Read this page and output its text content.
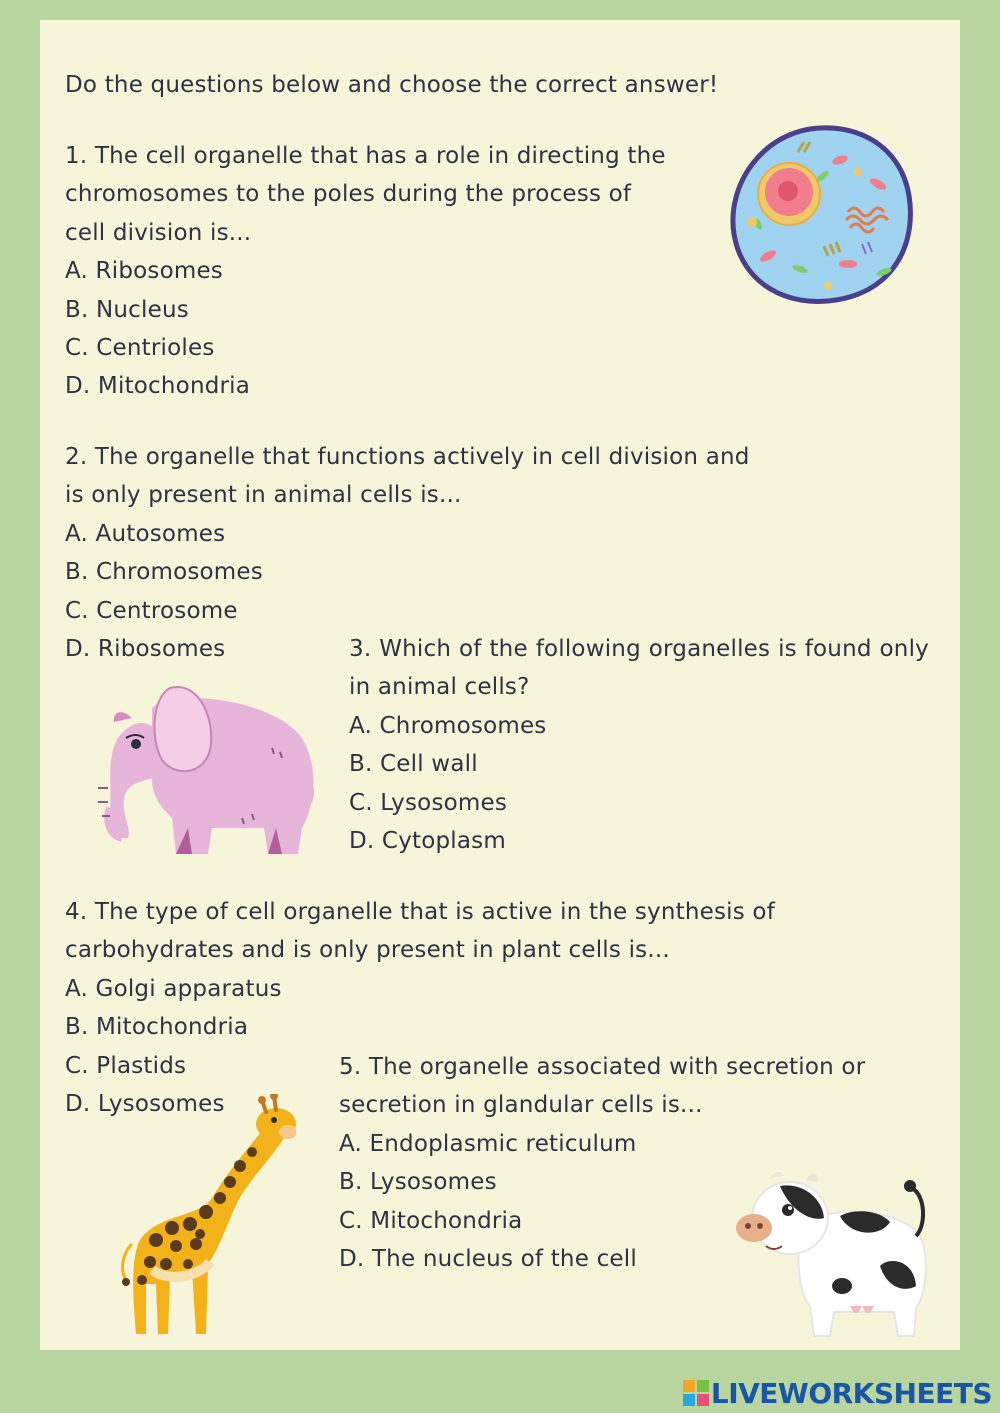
Do the questions below and choose the correct answer!
1. The cell organelle that has a role in directing the
chromosomes to the poles during the process of
cell division is...
A. Ribosomes
B. Nucleus
C. Centrioles
D. Mitochondria
2. The organelle that functions actively in cell division and
is only present in animal cells is...
A. Autosomes
B. Chromosomes
C. Centrosome
D. Ribosomes	3. Which of the following organelles is found only in animal cells?
A. Chromosomes
B. Cell wall
C. Lysosomes
D. Cytoplasm
4. The type of cell organelle that is active in the synthesis of
carbohydrates and is only present in plant cells is...
A. Golgi apparatus
B. Mitochondria
C. Plastids
D. Lysosomes
5. The organelle associated with secretion or
secretion in glandular cells is...
A. Endoplasmic reticulum
B. Lysosomes
C. Mitochondria
D. The nucleus of the cell
LIVEWORKSHEETS
